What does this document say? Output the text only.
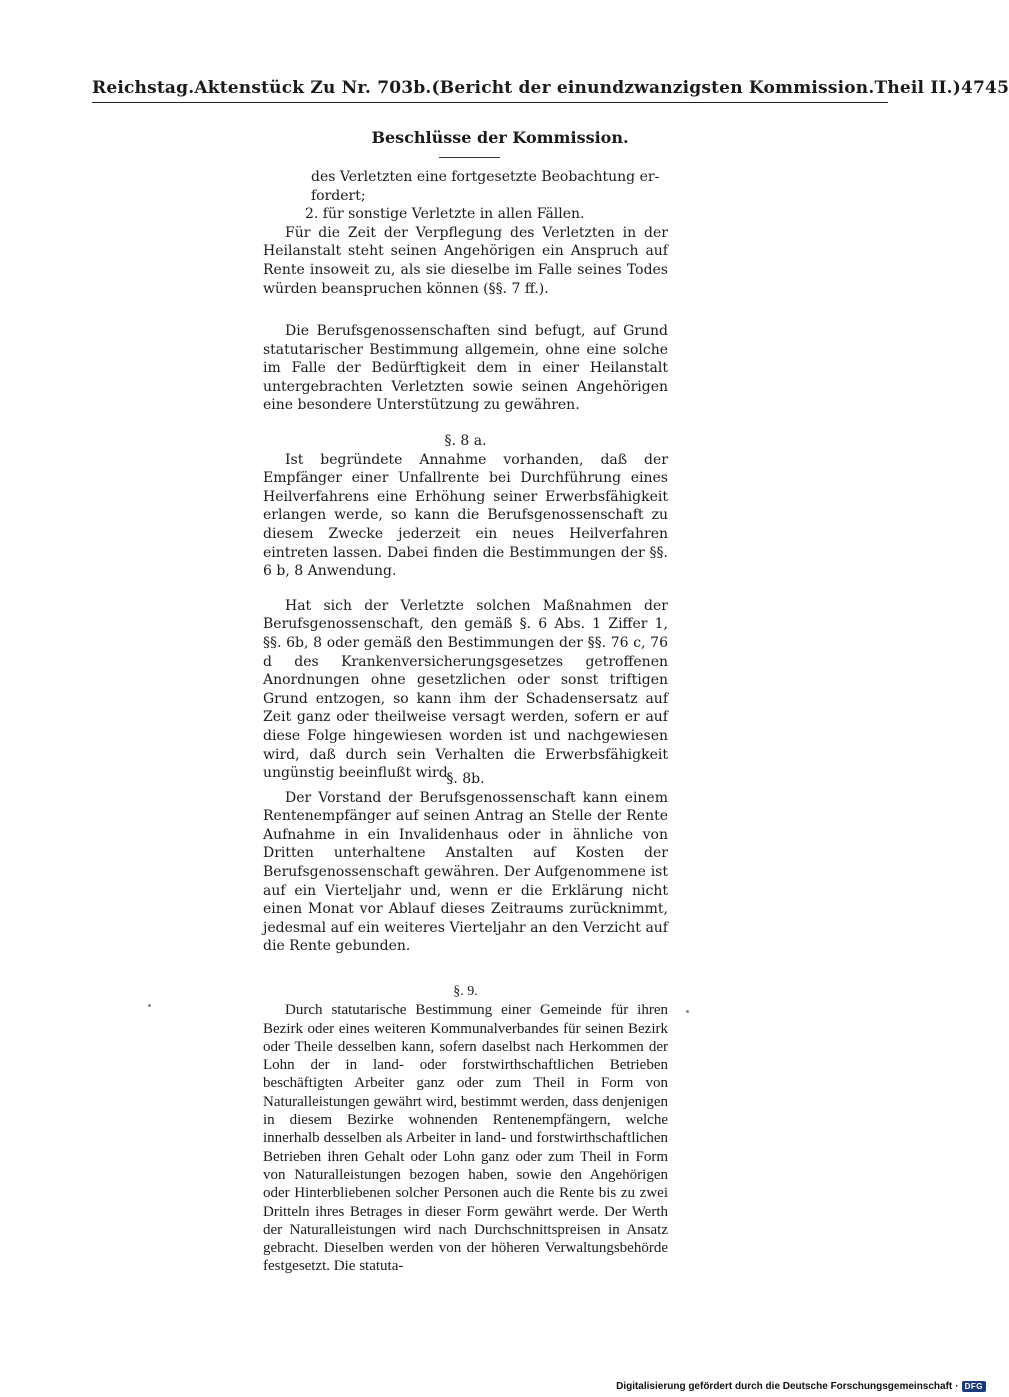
Reichstag. Aktenstück Zu Nr. 703b. (Bericht der einundzwanzigsten Kommission. Theil II.) 4745
Beschlüsse der Kommission.

des Verletzten eine fortgesetzte Beobachtung er-

fordert;

2. für sonstige Verletzte in allen Fällen.

Für die Zeit der Verpflegung des Verletzten in der Heilanstalt steht seinen Angehörigen ein Anspruch auf Rente insoweit zu, als sie dieselbe im Falle seines Todes würden beanspruchen können (§§. 7 ff.).

Die Berufsgenossenschaften sind befugt, auf Grund statutarischer Bestimmung allgemein, ohne eine solche im Falle der Bedürftigkeit dem in einer Heilanstalt untergebrachten Verletzten sowie seinen Angehörigen eine besondere Unterstützung zu gewähren.

§. 8 a.

Ist begründete Annahme vorhanden, daß der Empfänger einer Unfallrente bei Durchführung eines Heilverfahrens eine Erhöhung seiner Erwerbsfähigkeit erlangen werde, so kann die Berufsgenossenschaft zu diesem Zwecke jederzeit ein neues Heilverfahren eintreten lassen. Dabei finden die Bestimmungen der §§. 6 b, 8 Anwendung.

Hat sich der Verletzte solchen Maßnahmen der Berufsgenossenschaft, den gemäß §. 6 Abs. 1 Ziffer 1, §§. 6b, 8 oder gemäß den Bestimmungen der §§. 76 c, 76 d des Krankenversicherungsgesetzes getroffenen Anordnungen ohne gesetzlichen oder sonst triftigen Grund entzogen, so kann ihm der Schadensersatz auf Zeit ganz oder theilweise versagt werden, sofern er auf diese Folge hingewiesen worden ist und nachgewiesen wird, daß durch sein Verhalten die Erwerbsfähigkeit ungünstig beeinflußt wird.

§. 8b.

Der Vorstand der Berufsgenossenschaft kann einem Rentenempfänger auf seinen Antrag an Stelle der Rente Aufnahme in ein Invalidenhaus oder in ähnliche von Dritten unterhaltene Anstalten auf Kosten der Berufsgenossenschaft gewähren. Der Aufgenommene ist auf ein Vierteljahr und, wenn er die Erklärung nicht einen Monat vor Ablauf dieses Zeitraums zurücknimmt, jedesmal auf ein weiteres Vierteljahr an den Verzicht auf die Rente gebunden.

§. 9.

Durch statutarische Bestimmung einer Gemeinde für ihren Bezirk oder eines weiteren Kommunalverbandes für seinen Bezirk oder Theile desselben kann, sofern daselbst nach Herkommen der Lohn der in land- oder forstwirthschaftlichen Betrieben beschäftigten Arbeiter ganz oder zum Theil in Form von Naturalleistungen gewährt wird, bestimmt werden, dass denjenigen in diesem Bezirke wohnenden Rentenempfängern, welche innerhalb desselben als Arbeiter in land- und forstwirthschaftlichen Betrieben ihren Gehalt oder Lohn ganz oder zum Theil in Form von Naturalleistungen bezogen haben, sowie den Angehörigen oder Hinterbliebenen solcher Personen auch die Rente bis zu zwei Dritteln ihres Betrages in dieser Form gewährt werde. Der Werth der Naturalleistungen wird nach Durchschnittspreisen in Ansatz gebracht. Dieselben werden von der höheren Verwaltungsbehörde festgesetzt. Die statuta-

Digitalisierung gefördert durch die Deutsche Forschungsgemeinschaft · DFG
